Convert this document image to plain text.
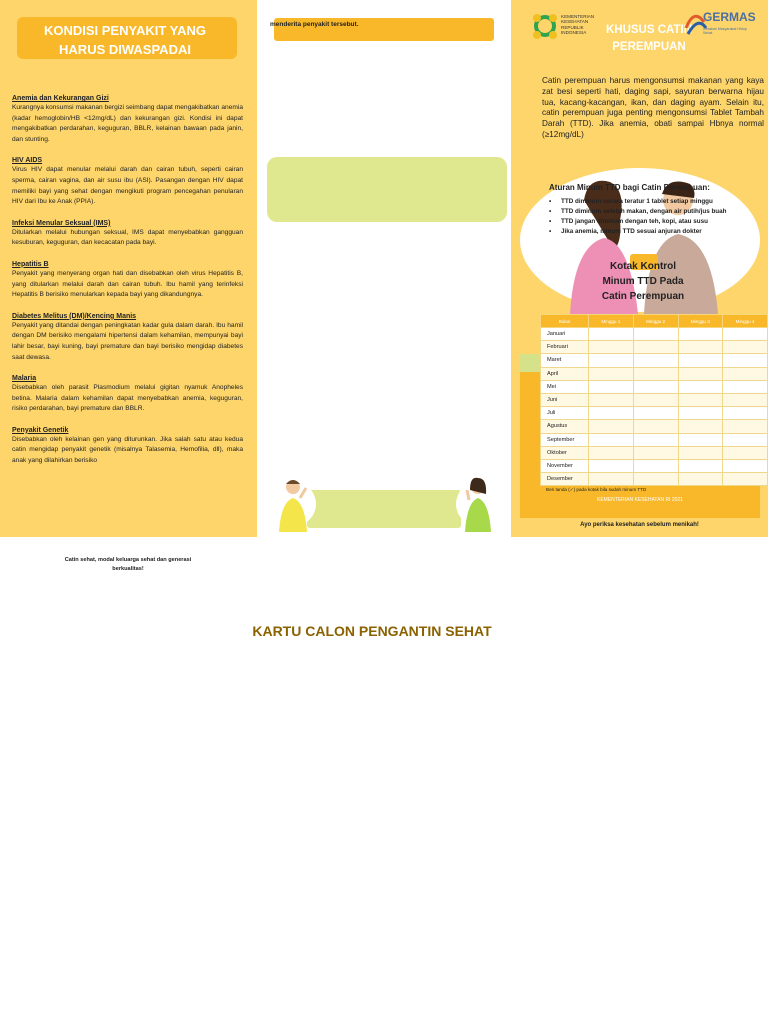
KONDISI PENYAKIT YANG HARUS DIWASPADAI
Anemia dan Kekurangan Gizi

Kurangnya konsumsi makanan bergizi seimbang dapat mengakibatkan anemia (kadar hemoglobin/HB <12mg/dL) dan kekurangan gizi. Kondisi ini dapat mengakibatkan perdarahan, keguguran, BBLR, kelainan bawaan pada janin, dan stunting.

HIV AIDS

Virus HIV dapat menular melalui darah dan cairan tubuh, seperti cairan sperma, cairan vagina, dan air susu ibu (ASI). Pasangan dengan HIV dapat memiliki bayi yang sehat dengan mengikuti program pencegahan penularan HIV dari Ibu ke Anak (PPIA).

Infeksi Menular Seksual (IMS)

Ditularkan melalui hubungan seksual, IMS dapat menyebabkan gangguan kesuburan, keguguran, dan kecacatan pada bayi.

Hepatitis B

Penyakit yang menyerang organ hati dan disebabkan oleh virus Hepatitis B, yang ditularkan melalui darah dan cairan tubuh. Ibu hamil yang terinfeksi Hepatitis B berisiko menularkan kepada bayi yang dikandungnya.

Diabetes Melitus (DM)/Kencing Manis

Penyakit yang ditandai dengan peningkatan kadar gula dalam darah. Ibu hamil dengan DM berisiko mengalami hipertensi dalam kehamilan, mempunyai bayi lahir besar, bayi kuning, bayi premature dan bayi berisiko mengidap diabetes saat dewasa.

Malaria

Disebabkan oleh parasit Plasmodium melalui gigitan nyamuk Anopheles betina. Malaria dalam kehamilan dapat menyebabkan anemia, keguguran, risiko perdarahan, bayi premature dan BBLR.

Penyakit Genetik

Disebabkan oleh kelainan gen yang diturunkan. Jika salah satu atau kedua catin mengidap penyakit genetik (misalnya Talasemia, Hemofilia, dll), maka anak yang dilahirkan berisiko

menderita penyakit tersebut.
KEMENTERIAN KESEHATAN REPUBLIK INDONESIA	KHUSUS CATIN PEREMPUAN
GERMAS
Gerakan Masyarakat Hidup Sehat

Catin perempuan harus mengonsumsi makanan yang kaya zat besi seperti hati, daging sapi, sayuran berwarna hijau tua, kacang-kacangan, ikan, dan daging ayam. Selain itu, catin perempuan juga penting mengonsumsi Tablet Tambah Darah (TTD). Jika anemia, obati sampai Hbnya normal (≥12mg/dL)

Aturan Minum TTD bagi Catin Perempuan:
• TTD diminum secara teratur 1 tablet setiap minggu
• TTD diminum setelah makan, dengan air putih/jus buah
• TTD jangan diminum dengan teh, kopi, atau susu
• Jika anemia, minum TTD sesuai anjuran dokter
Kotak Kontrol Minum TTD Pada Catin Perempuan
Bulan	Minggu 1	Minggu 2	Minggu 3	Minggu 4
Januari				
Februari				
Maret				
April				
Mei				
Juni				
Juli				
Agustus				
September				
Oktober				
November				
Desember				
Beri tanda (✓) pada kotak bila sudah minum TTD
KEMENTERIAN KESEHATAN RI 2021
Ayo periksa kesehatan sebelum menikah!
Catin sehat, modal keluarga sehat dan generasi berkualitas!
KARTU CALON PENGANTIN SEHAT
